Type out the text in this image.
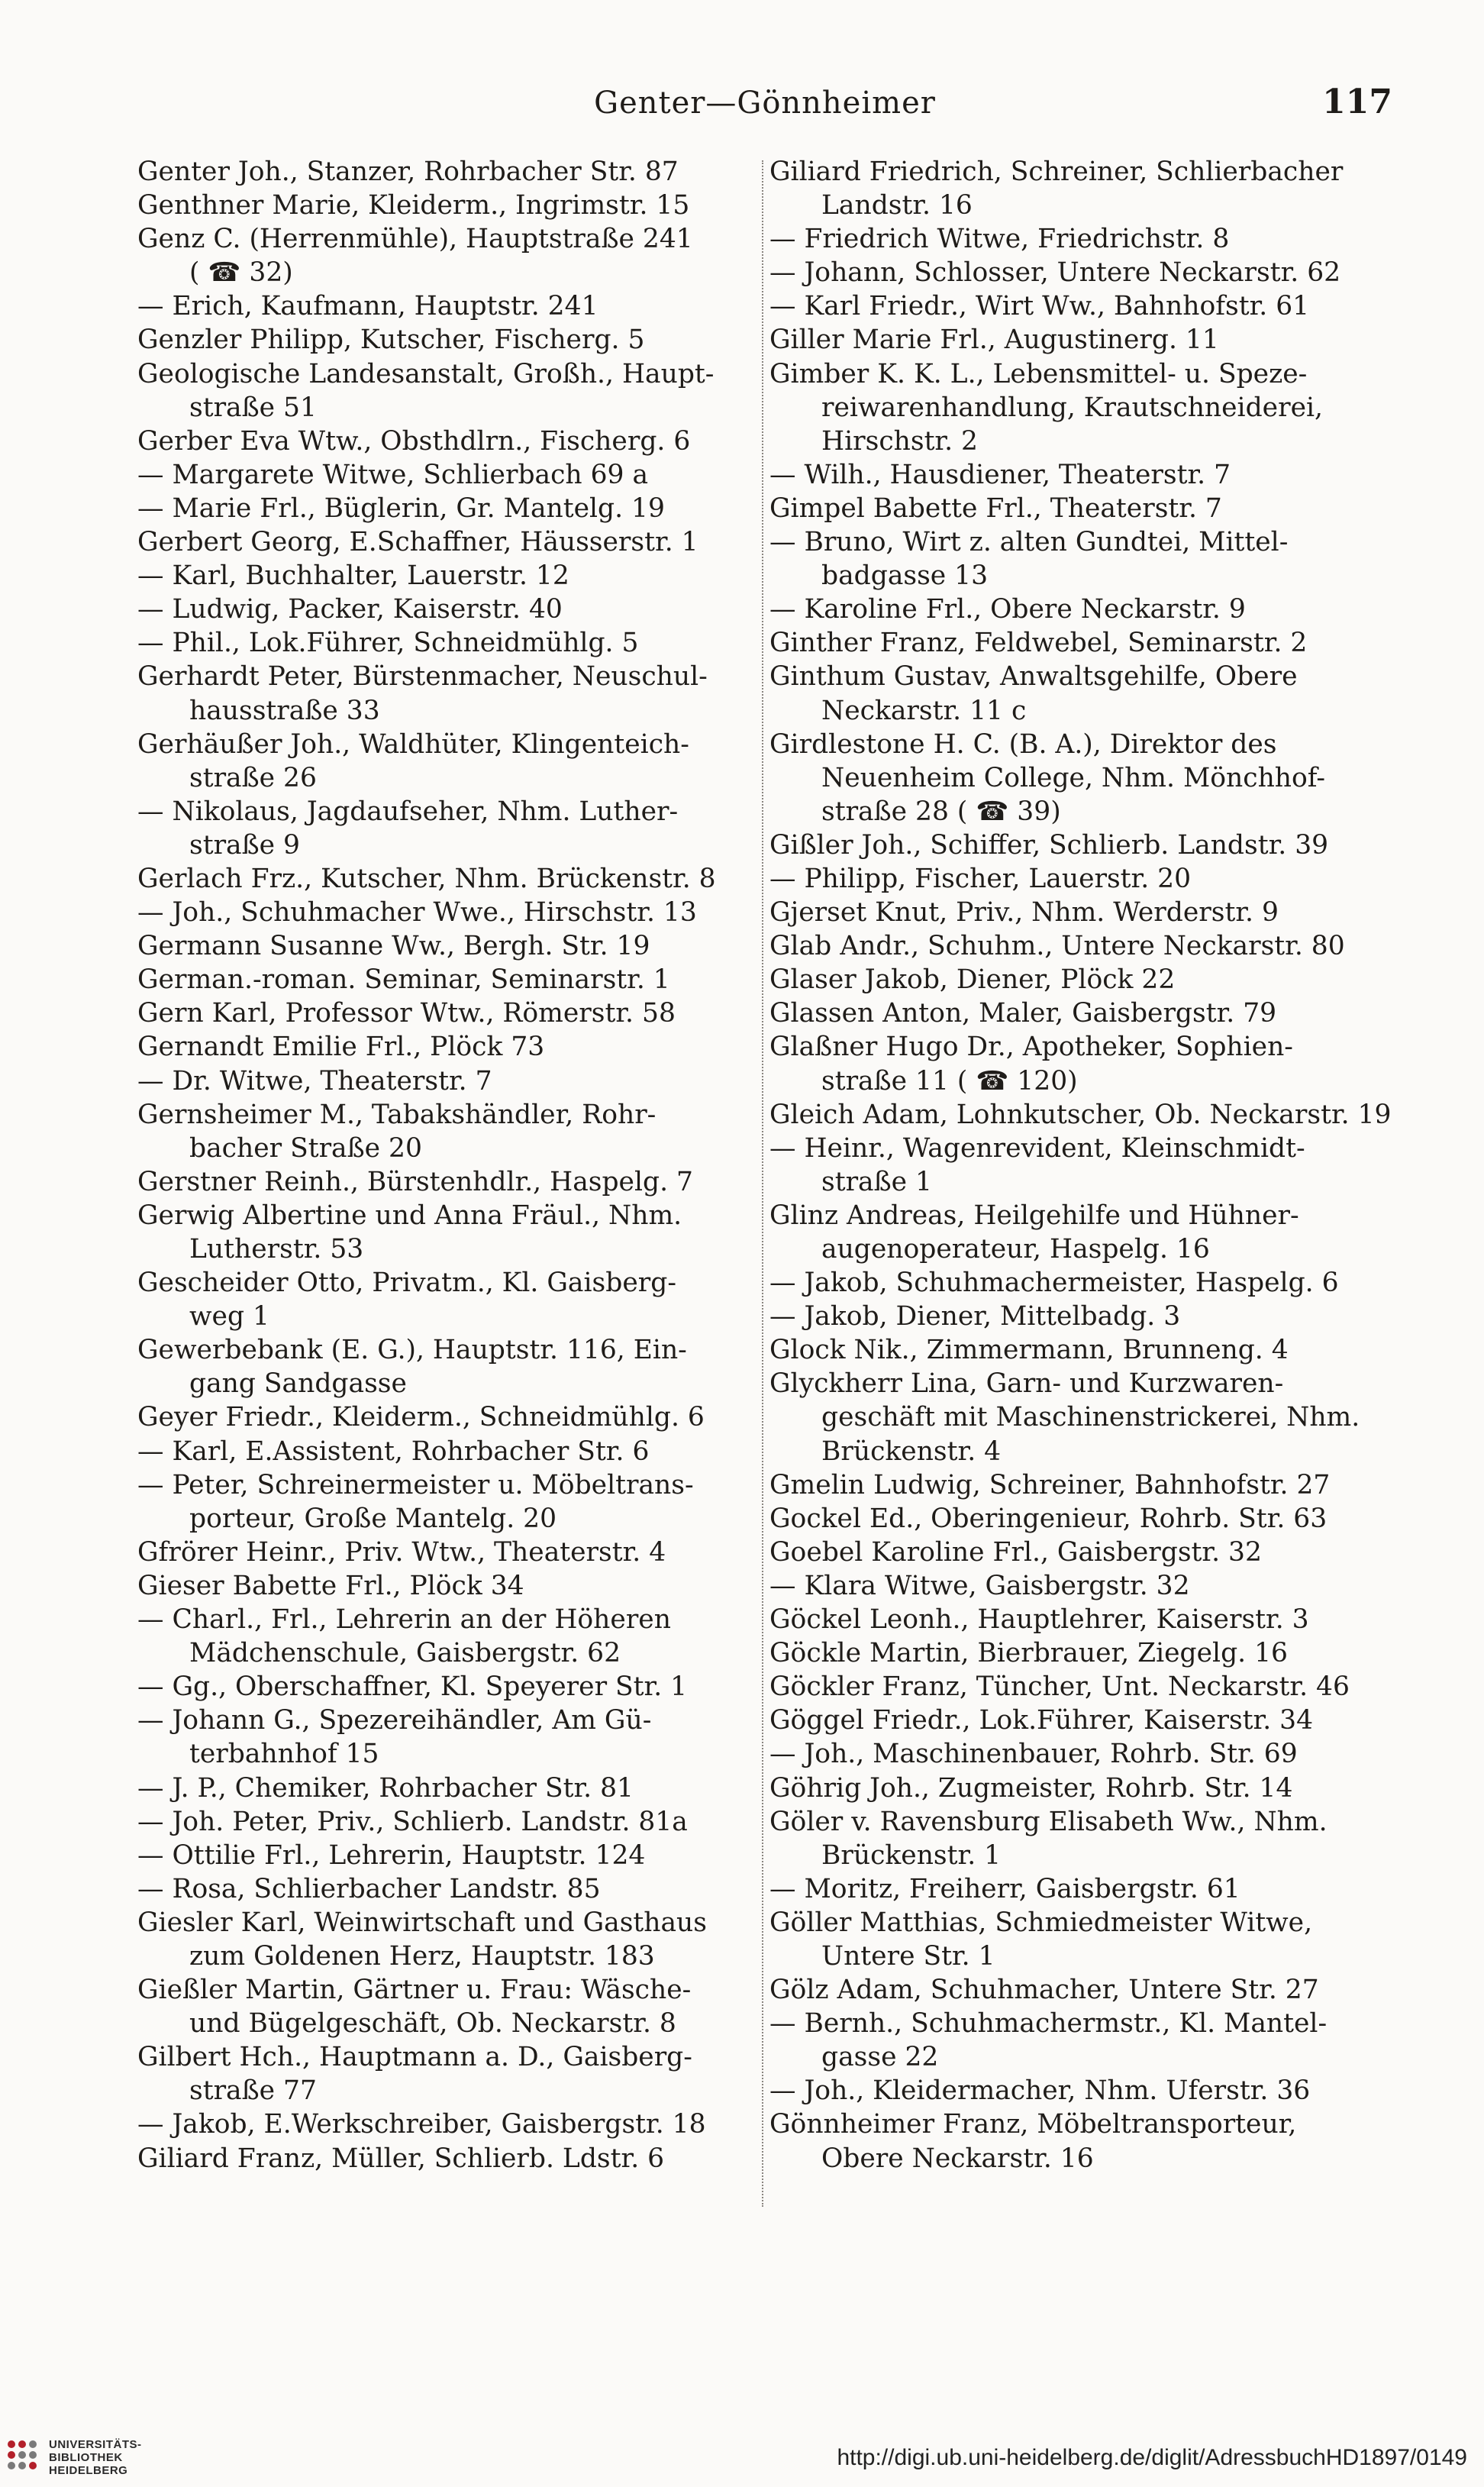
Genter—Gönnheimer	117
Genter Joh., Stanzer, Rohrbacher Str. 87
Genthner Marie, Kleiderm., Ingrimstr. 15
Genz C. (Herrenmühle), Hauptstraße 241
( ☎ 32)
— Erich, Kaufmann, Hauptstr. 241
Genzler Philipp, Kutscher, Fischerg. 5
Geologische Landesanstalt, Großh., Haupt-
straße 51
Gerber Eva Wtw., Obsthdlrn., Fischerg. 6
— Margarete Witwe, Schlierbach 69 a
— Marie Frl., Büglerin, Gr. Mantelg. 19
Gerbert Georg, E.Schaffner, Häusserstr. 1
— Karl, Buchhalter, Lauerstr. 12
— Ludwig, Packer, Kaiserstr. 40
— Phil., Lok.Führer, Schneidmühlg. 5
Gerhardt Peter, Bürstenmacher, Neuschul-
hausstraße 33
Gerhäußer Joh., Waldhüter, Klingenteich-
straße 26
— Nikolaus, Jagdaufseher, Nhm. Luther-
straße 9
Gerlach Frz., Kutscher, Nhm. Brückenstr. 8
— Joh., Schuhmacher Wwe., Hirschstr. 13
Germann Susanne Ww., Bergh. Str. 19
German.-roman. Seminar, Seminarstr. 1
Gern Karl, Professor Wtw., Römerstr. 58
Gernandt Emilie Frl., Plöck 73
— Dr. Witwe, Theaterstr. 7
Gernsheimer M., Tabakshändler, Rohr-
bacher Straße 20
Gerstner Reinh., Bürstenhdlr., Haspelg. 7
Gerwig Albertine und Anna Fräul., Nhm.
Lutherstr. 53
Gescheider Otto, Privatm., Kl. Gaisberg-
weg 1
Gewerbebank (E. G.), Hauptstr. 116, Ein-
gang Sandgasse
Geyer Friedr., Kleiderm., Schneidmühlg. 6
— Karl, E.Assistent, Rohrbacher Str. 6
— Peter, Schreinermeister u. Möbeltrans-
porteur, Große Mantelg. 20
Gfrörer Heinr., Priv. Wtw., Theaterstr. 4
Gieser Babette Frl., Plöck 34
— Charl., Frl., Lehrerin an der Höheren
Mädchenschule, Gaisbergstr. 62
— Gg., Oberschaffner, Kl. Speyerer Str. 1
— Johann G., Spezereihändler, Am Gü-
terbahnhof 15
— J. P., Chemiker, Rohrbacher Str. 81
— Joh. Peter, Priv., Schlierb. Landstr. 81a
— Ottilie Frl., Lehrerin, Hauptstr. 124
— Rosa, Schlierbacher Landstr. 85
Giesler Karl, Weinwirtschaft und Gasthaus
zum Goldenen Herz, Hauptstr. 183
Gießler Martin, Gärtner u. Frau: Wäsche-
und Bügelgeschäft, Ob. Neckarstr. 8
Gilbert Hch., Hauptmann a. D., Gaisberg-
straße 77
— Jakob, E.Werkschreiber, Gaisbergstr. 18
Giliard Franz, Müller, Schlierb. Ldstr. 6
Giliard Friedrich, Schreiner, Schlierbacher
Landstr. 16
— Friedrich Witwe, Friedrichstr. 8
— Johann, Schlosser, Untere Neckarstr. 62
— Karl Friedr., Wirt Ww., Bahnhofstr. 61
Giller Marie Frl., Augustinerg. 11
Gimber K. K. L., Lebensmittel- u. Speze-
reiwarenhandlung, Krautschneiderei,
Hirschstr. 2
— Wilh., Hausdiener, Theaterstr. 7
Gimpel Babette Frl., Theaterstr. 7
— Bruno, Wirt z. alten Gundtei, Mittel-
badgasse 13
— Karoline Frl., Obere Neckarstr. 9
Ginther Franz, Feldwebel, Seminarstr. 2
Ginthum Gustav, Anwaltsgehilfe, Obere
Neckarstr. 11 c
Girdlestone H. C. (B. A.), Direktor des
Neuenheim College, Nhm. Mönchhof-
straße 28 ( ☎ 39)
Gißler Joh., Schiffer, Schlierb. Landstr. 39
— Philipp, Fischer, Lauerstr. 20
Gjerset Knut, Priv., Nhm. Werderstr. 9
Glab Andr., Schuhm., Untere Neckarstr. 80
Glaser Jakob, Diener, Plöck 22
Glassen Anton, Maler, Gaisbergstr. 79
Glaßner Hugo Dr., Apotheker, Sophien-
straße 11 ( ☎ 120)
Gleich Adam, Lohnkutscher, Ob. Neckarstr. 19
— Heinr., Wagenrevident, Kleinschmidt-
straße 1
Glinz Andreas, Heilgehilfe und Hühner-
augenoperateur, Haspelg. 16
— Jakob, Schuhmachermeister, Haspelg. 6
— Jakob, Diener, Mittelbadg. 3
Glock Nik., Zimmermann, Brunneng. 4
Glyckherr Lina, Garn- und Kurzwaren-
geschäft mit Maschinenstrickerei, Nhm.
Brückenstr. 4
Gmelin Ludwig, Schreiner, Bahnhofstr. 27
Gockel Ed., Oberingenieur, Rohrb. Str. 63
Goebel Karoline Frl., Gaisbergstr. 32
— Klara Witwe, Gaisbergstr. 32
Göckel Leonh., Hauptlehrer, Kaiserstr. 3
Göckle Martin, Bierbrauer, Ziegelg. 16
Göckler Franz, Tüncher, Unt. Neckarstr. 46
Göggel Friedr., Lok.Führer, Kaiserstr. 34
— Joh., Maschinenbauer, Rohrb. Str. 69
Göhrig Joh., Zugmeister, Rohrb. Str. 14
Göler v. Ravensburg Elisabeth Ww., Nhm.
Brückenstr. 1
— Moritz, Freiherr, Gaisbergstr. 61
Göller Matthias, Schmiedmeister Witwe,
Untere Str. 1
Gölz Adam, Schuhmacher, Untere Str. 27
— Bernh., Schuhmachermstr., Kl. Mantel-
gasse 22
— Joh., Kleidermacher, Nhm. Uferstr. 36
Gönnheimer Franz, Möbeltransporteur,
Obere Neckarstr. 16
UNIVERSITÄTS-
BIBLIOTHEK
HEIDELBERG	http://digi.ub.uni-heidelberg.de/diglit/AdressbuchHD1897/0149
